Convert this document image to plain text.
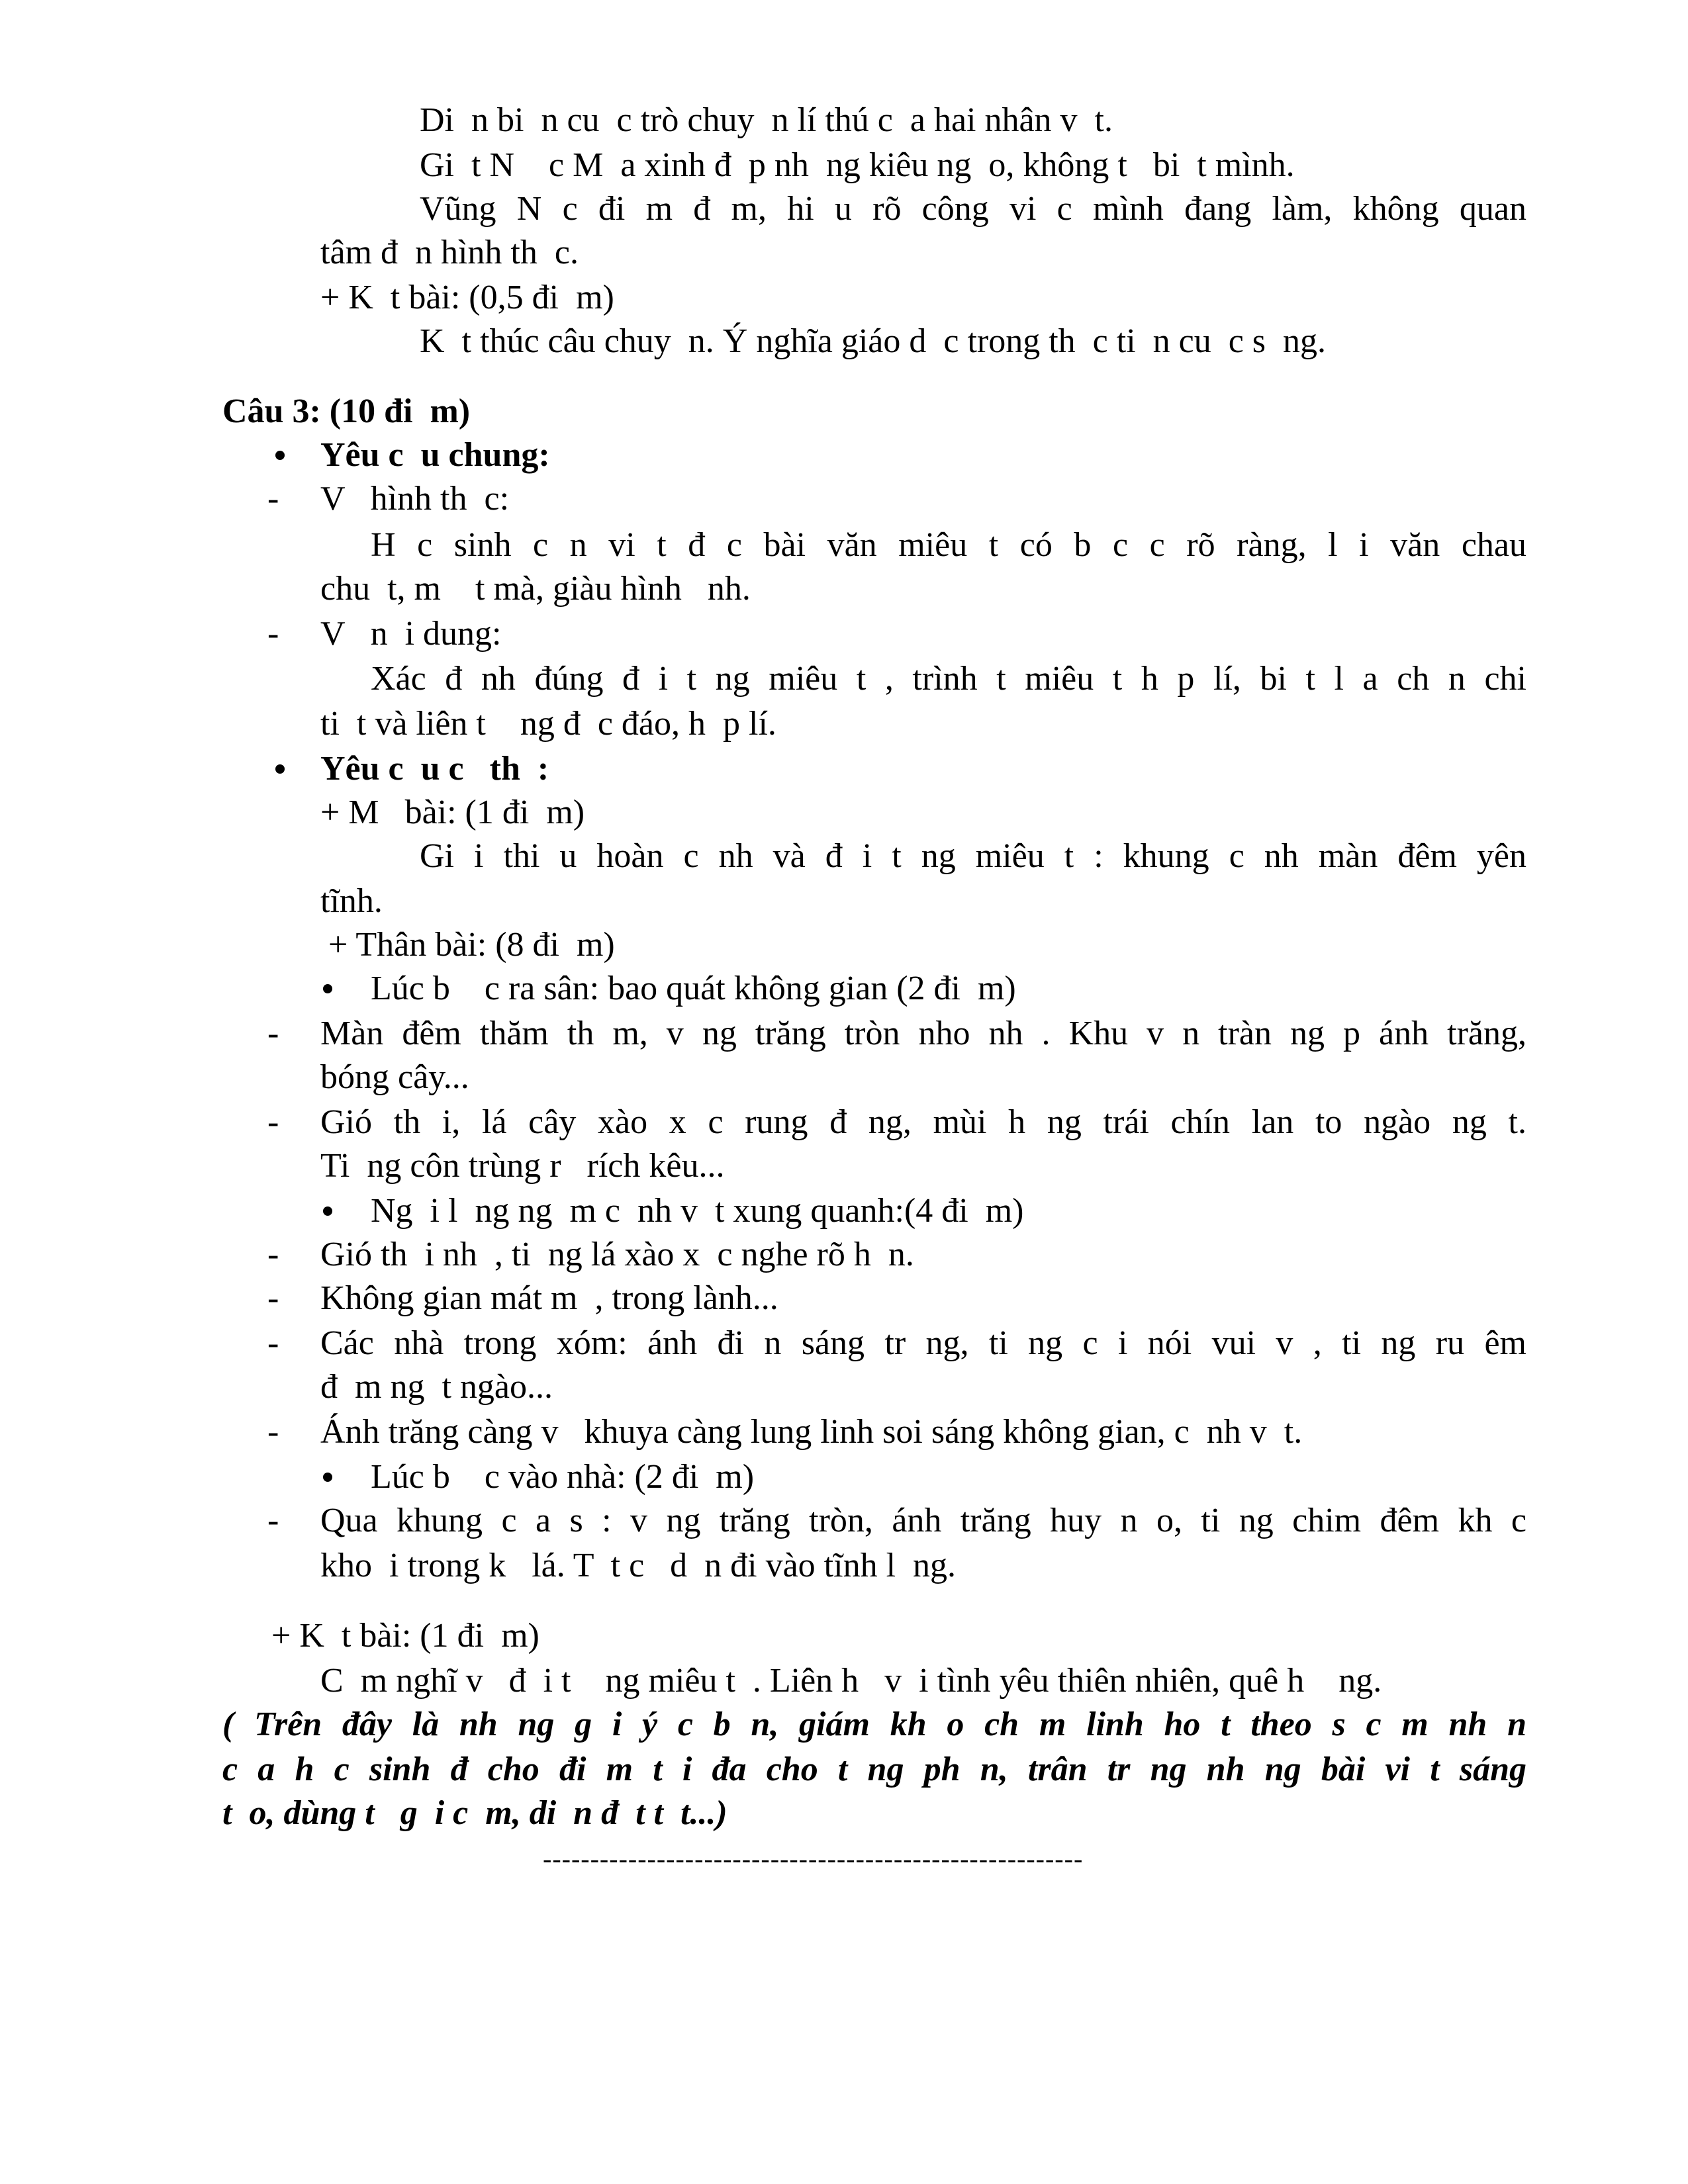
Di  n bi  n cu  c trò chuy  n lí thú c  a hai nhân v  t.
Gi  t N    c M  a xinh đ  p nh  ng kiêu ng  o, không t   bi  t mình.
Vũng N c đi m đ m, hi u rõ công vi c mình đang làm, không quan
tâm đ  n hình th  c.
+ K  t bài: (0,5 đi  m)
K  t thúc câu chuy  n. Ý nghĩa giáo d  c trong th  c ti  n cu  c s  ng.
Câu 3: (10 đi  m)
Yêu c  u chung:
- V   hình th  c:
H c sinh c n vi t đ c bài văn miêu t có b c c rõ ràng, l i văn chau
chu  t, m    t mà, giàu hình   nh.
- V   n  i dung:
Xác đ nh đúng đ i t ng miêu t , trình t miêu t h p lí, bi t l a ch n chi
ti  t và liên t    ng đ  c đáo, h  p lí.
Yêu c  u c   th  :
+ M   bài: (1 đi  m)
Gi i thi u hoàn c nh và đ i t ng miêu t : khung c nh màn đêm yên
tĩnh.
+ Thân bài: (8 đi  m)
Lúc b    c ra sân: bao quát không gian (2 đi  m)
- Màn đêm thăm th m, v ng trăng tròn nho nh . Khu v n tràn ng p ánh trăng,
bóng cây...
- Gió th i, lá cây xào x c rung đ ng, mùi h ng trái chín lan to ngào ng t.
Ti  ng côn trùng r   rích kêu...
Ng  i l  ng ng  m c  nh v  t xung quanh:(4 đi  m)
- Gió th  i nh  , ti  ng lá xào x  c nghe rõ h  n.
- Không gian mát m  , trong lành...
- Các nhà trong xóm: ánh đi n sáng tr ng, ti ng c i nói vui v , ti ng ru êm
đ  m ng  t ngào...
- Ánh trăng càng v   khuya càng lung linh soi sáng không gian, c  nh v  t.
Lúc b    c vào nhà: (2 đi  m)
- Qua khung c a s : v ng trăng tròn, ánh trăng huy n o, ti ng chim đêm kh c
kho  i trong k   lá. T  t c   d  n đi vào tĩnh l  ng.
+ K  t bài: (1 đi  m)
C  m nghĩ v   đ  i t    ng miêu t  . Liên h   v  i tình yêu thiên nhiên, quê h    ng.
( Trên đây là nh ng g i ý c b n, giám kh o ch m linh ho t theo s c m nh n
c a h c sinh đ cho đi m t i đa cho t ng ph n, trân tr ng nh ng bài vi t sáng
t  o, dùng t   g  i c  m, di  n đ  t t  t...)
---------------------------------------------------------
